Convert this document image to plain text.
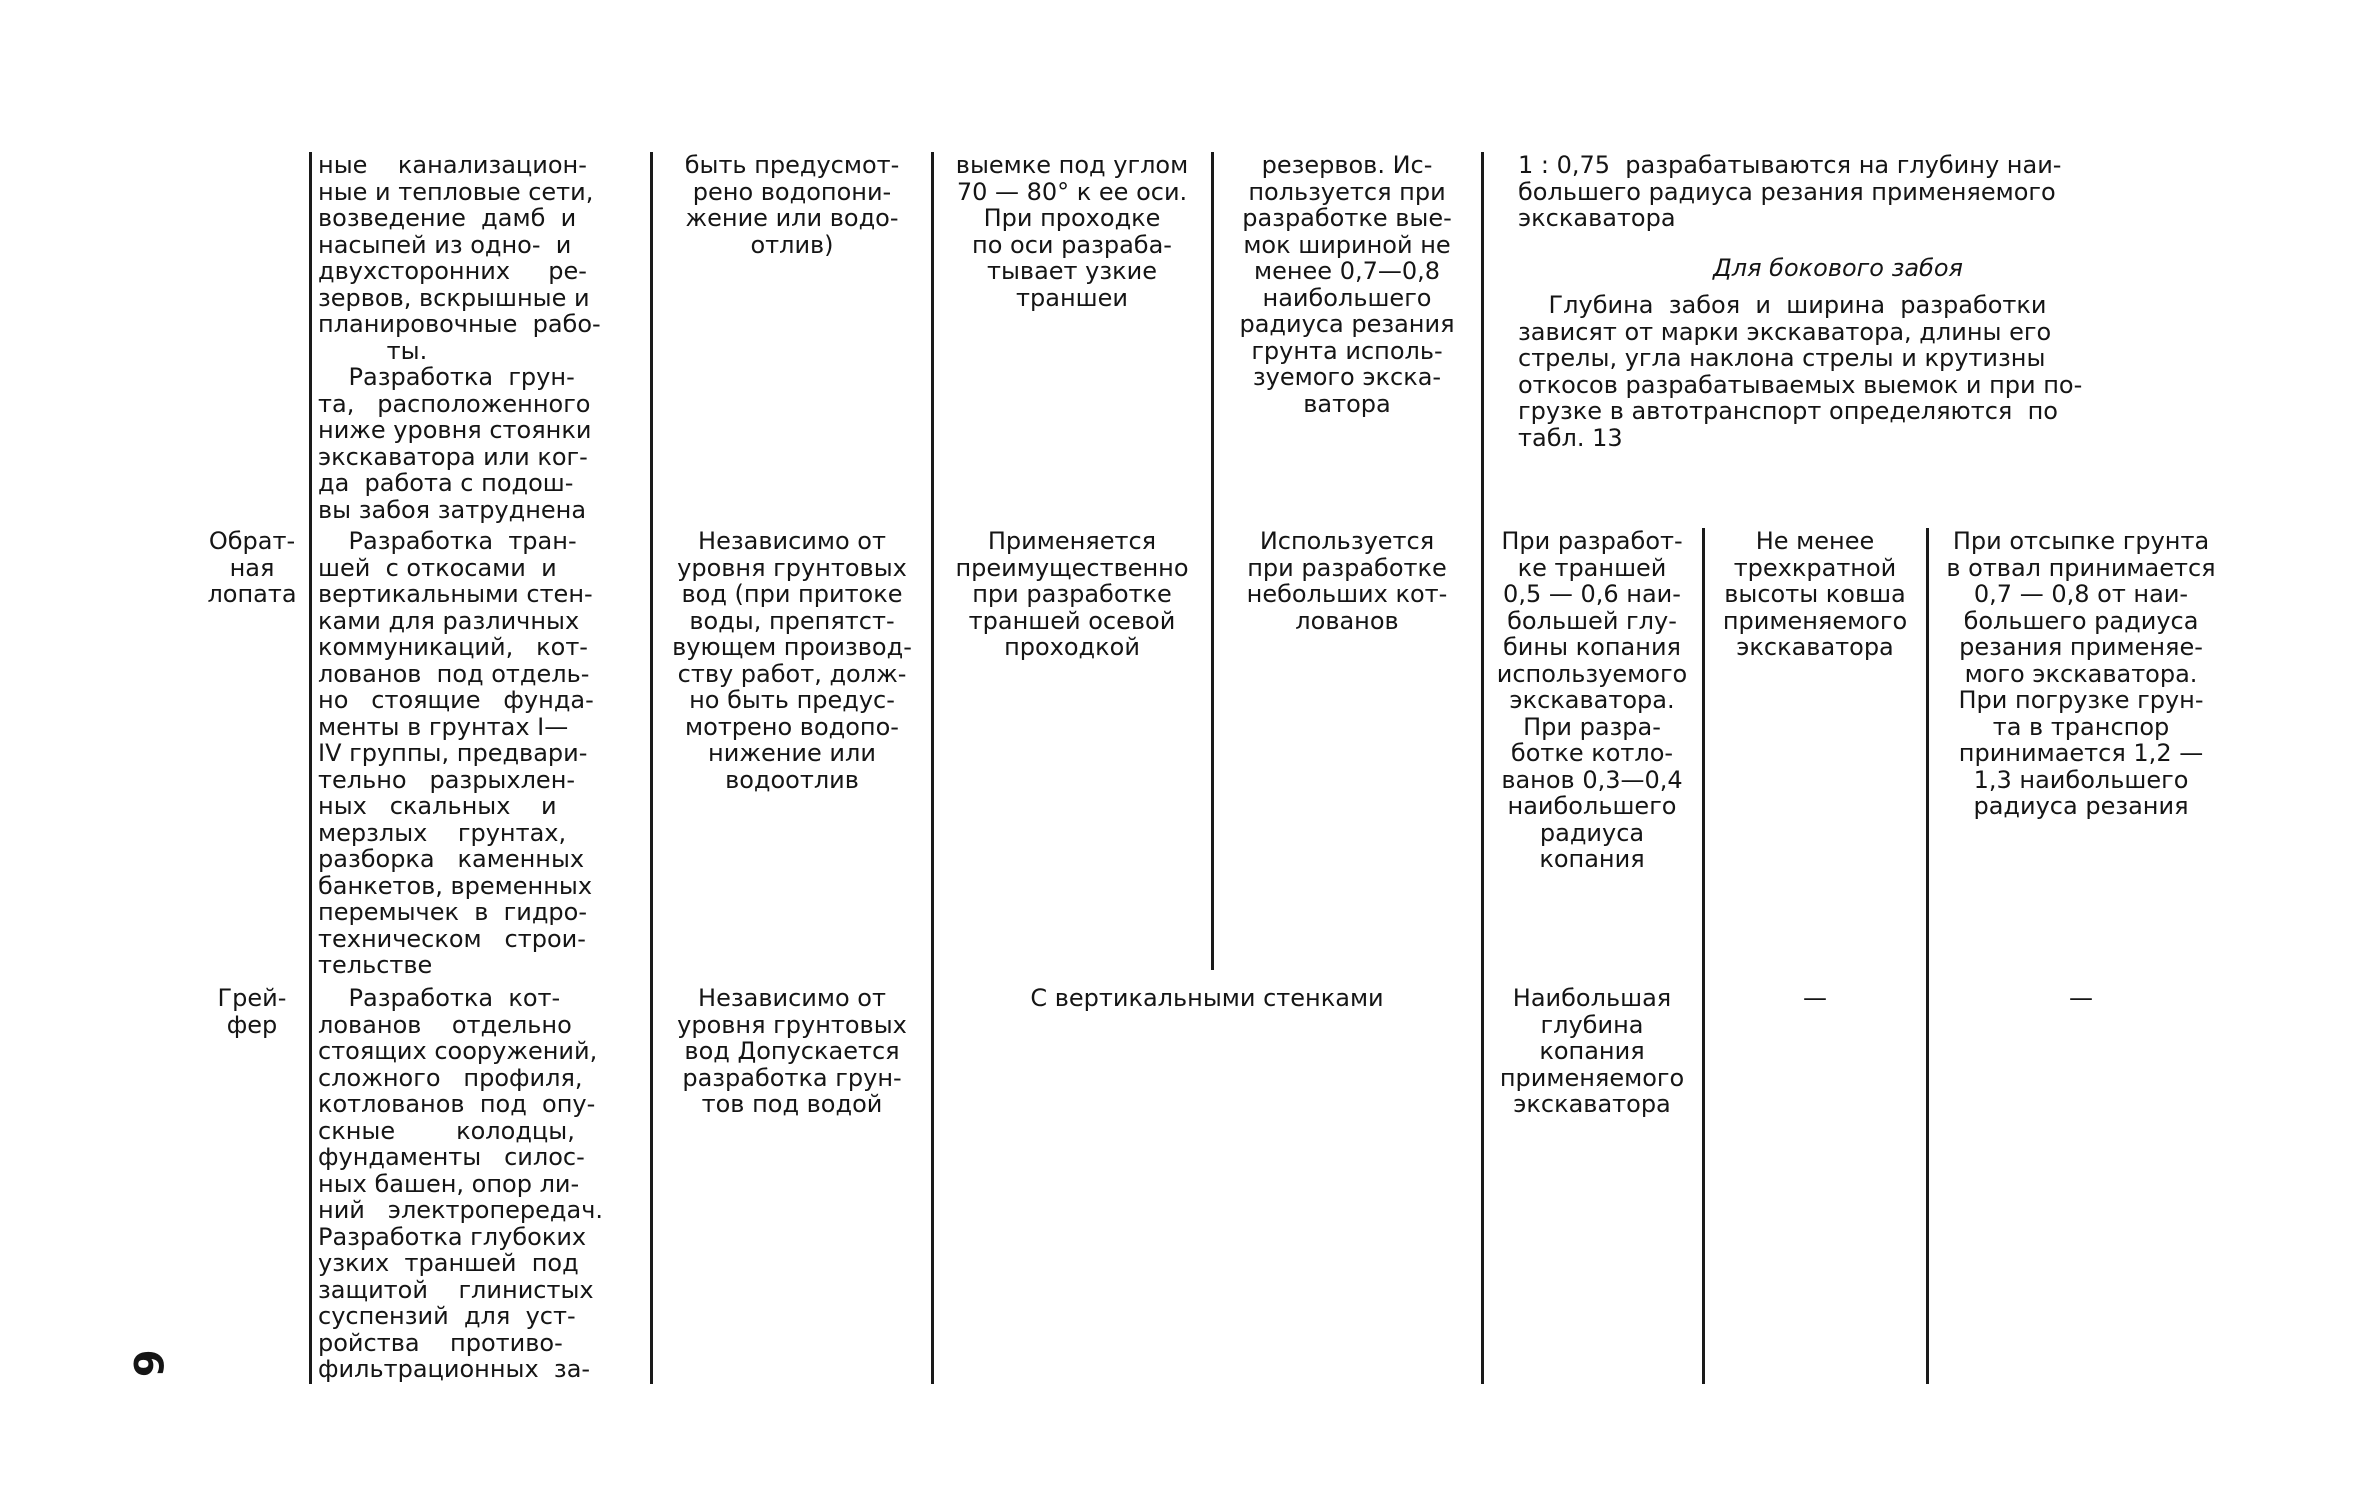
ные    канализацион-
ные и тепловые сети,
возведение  дамб  и
насыпей из одно-  и
двухсторонних     ре-
зервов, вскрышные и
планировочные  рабо-
ты.
Разработка  грун-
та,   расположенного
ниже уровня стоянки
экскаватора или ког-
да  работа с подош-
вы забоя затруднена
быть предусмот-
рено водопони-
жение или водо-
отлив)
выемке под углом
70 — 80° к ее оси.
При проходке
по оси разраба-
тывает узкие
траншеи
резервов. Ис-
пользуется при
разработке вые-
мок шириной не
менее 0,7—0,8
наибольшего
радиуса резания
грунта исполь-
зуемого экска-
ватора
1 : 0,75  разрабатываются на глубину наи-
большего радиуса резания применяемого
экскаватора
Для бокового забоя
Глубина  забоя  и  ширина  разработки
зависят от марки экскаватора, длины его
стрелы, угла наклона стрелы и крутизны
откосов разрабатываемых выемок и при по-
грузке в автотранспорт определяются  по
табл. 13
Обрат-
ная
лопата
Разработка  тран-
шей  с откосами  и
вертикальными стен-
ками для различных
коммуникаций,   кот-
лованов  под отдель-
но   стоящие   фунда-
менты в грунтах I—
IV группы, предвари-
тельно   разрыхлен-
ных   скальных    и
мерзлых    грунтах,
разборка   каменных
банкетов, временных
перемычек  в  гидро-
техническом   строи-
тельстве
Независимо от
уровня грунтовых
вод (при притоке
воды, препятст-
вующем производ-
ству работ, долж-
но быть предус-
мотрено водопо-
нижение или
водоотлив
Применяется
преимущественно
при разработке
траншей осевой
проходкой
Используется
при разработке
небольших кот-
лованов
При разработ-
ке траншей
0,5 — 0,6 наи-
большей глу-
бины копания
используемого
экскаватора.
При разра-
ботке котло-
ванов 0,3—0,4
наибольшего
радиуса
копания
Не менее
трехкратной
высоты ковша
применяемого
экскаватора
При отсыпке грунта
в отвал принимается
0,7 — 0,8 от наи-
большего радиуса
резания применяе-
мого экскаватора.
При погрузке грун-
та в транспор
принимается 1,2 —
1,3 наибольшего
радиуса резания
Грей-
фер
Разработка  кот-
лованов    отдельно
стоящих сооружений,
сложного   профиля,
котлованов  под  опу-
скные        колодцы,
фундаменты   силос-
ных башен, опор ли-
ний   электропередач.
Разработка глубоких
узких  траншей  под
защитой    глинистых
суспензий  для  уст-
ройства    противо-
фильтрационных  за-
Независимо от
уровня грунтовых
вод Допускается
разработка грун-
тов под водой
С вертикальными стенками	Наибольшая
глубина
копания
применяемого
экскаватора
—	—
6
